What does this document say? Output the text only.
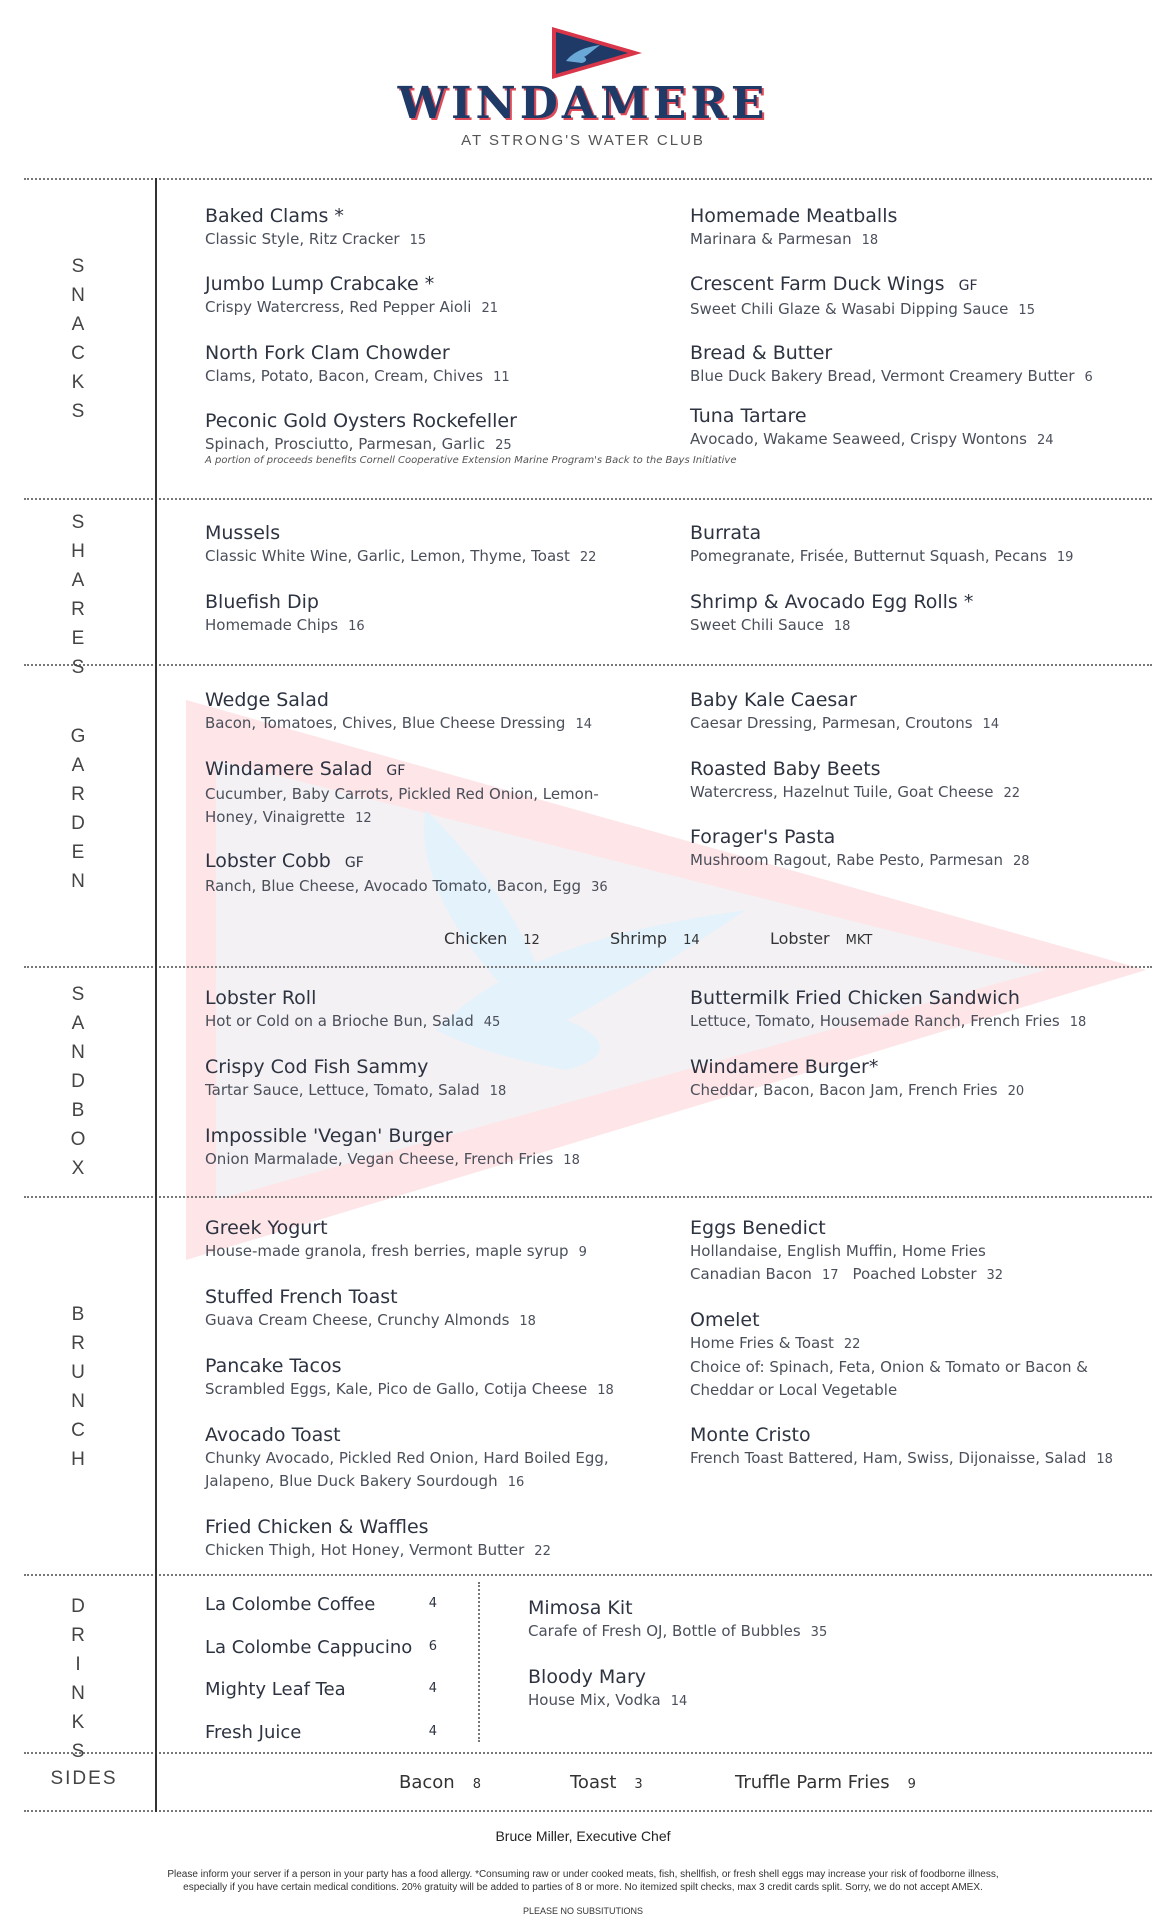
WINDAMERE
AT STRONG'S WATER CLUB
S
N
A
C
K
S
S
H
A
R
E
S
G
A
R
D
E
N
S
A
N
D
B
O
X
B
R
U
N
C
H
D
R
I
N
K
S
SIDES
Baked Clams *
Classic Style, Ritz Cracker 15
Jumbo Lump Crabcake *
Crispy Watercress, Red Pepper Aioli 21
North Fork Clam Chowder
Clams, Potato, Bacon, Cream, Chives 11
Peconic Gold Oysters Rockefeller
Spinach, Prosciutto, Parmesan, Garlic 25
A portion of proceeds benefits Cornell Cooperative Extension Marine Program's Back to the Bays Initiative
Homemade Meatballs
Marinara & Parmesan 18
Crescent Farm Duck Wings GF
Sweet Chili Glaze & Wasabi Dipping Sauce 15
Bread & Butter
Blue Duck Bakery Bread, Vermont Creamery Butter 6
Tuna Tartare
Avocado, Wakame Seaweed, Crispy Wontons 24
Mussels
Classic White Wine, Garlic, Lemon, Thyme, Toast 22
Bluefish Dip
Homemade Chips 16
Burrata
Pomegranate, Frisée, Butternut Squash, Pecans 19
Shrimp & Avocado Egg Rolls *
Sweet Chili Sauce 18
Wedge Salad
Bacon, Tomatoes, Chives, Blue Cheese Dressing 14
Windamere Salad GF
Cucumber, Baby Carrots, Pickled Red Onion, Lemon-
Honey, Vinaigrette 12
Lobster Cobb GF
Ranch, Blue Cheese, Avocado Tomato, Bacon, Egg 36
Baby Kale Caesar
Caesar Dressing, Parmesan, Croutons 14
Roasted Baby Beets
Watercress, Hazelnut Tuile, Goat Cheese 22
Forager's Pasta
Mushroom Ragout, Rabe Pesto, Parmesan 28
Chicken 12	Shrimp 14	Lobster MKT
Lobster Roll
Hot or Cold on a Brioche Bun, Salad 45
Crispy Cod Fish Sammy
Tartar Sauce, Lettuce, Tomato, Salad 18
Impossible 'Vegan' Burger
Onion Marmalade, Vegan Cheese, French Fries 18
Buttermilk Fried Chicken Sandwich
Lettuce, Tomato, Housemade Ranch, French Fries 18
Windamere Burger*
Cheddar, Bacon, Bacon Jam, French Fries 20
Greek Yogurt
House-made granola, fresh berries, maple syrup 9
Stuffed French Toast
Guava Cream Cheese, Crunchy Almonds 18
Pancake Tacos
Scrambled Eggs, Kale, Pico de Gallo, Cotija Cheese 18
Avocado Toast
Chunky Avocado, Pickled Red Onion, Hard Boiled Egg,
Jalapeno, Blue Duck Bakery Sourdough 16
Fried Chicken & Waffles
Chicken Thigh, Hot Honey, Vermont Butter 22
Eggs Benedict
Hollandaise, English Muffin, Home Fries
Canadian Bacon 17 Poached Lobster 32
Omelet
Home Fries & Toast 22
Choice of: Spinach, Feta, Onion & Tomato or Bacon &
Cheddar or Local Vegetable
Monte Cristo
French Toast Battered, Ham, Swiss, Dijonaisse, Salad 18
La Colombe Coffee	4
La Colombe Cappucino 6
Mighty Leaf Tea	4
Fresh Juice	4
Mimosa Kit
Carafe of Fresh OJ, Bottle of Bubbles 35
Bloody Mary
House Mix, Vodka 14
Bacon 8	Toast 3	Truffle Parm Fries 9
Bruce Miller, Executive Chef
Please inform your server if a person in your party has a food allergy. *Consuming raw or under cooked meats, fish, shellfish, or fresh shell eggs may increase your risk of foodborne illness,
especially if you have certain medical conditions. 20% gratuity will be added to parties of 8 or more. No itemized spilt checks, max 3 credit cards split. Sorry, we do not accept AMEX.
PLEASE NO SUBSITUTIONS
